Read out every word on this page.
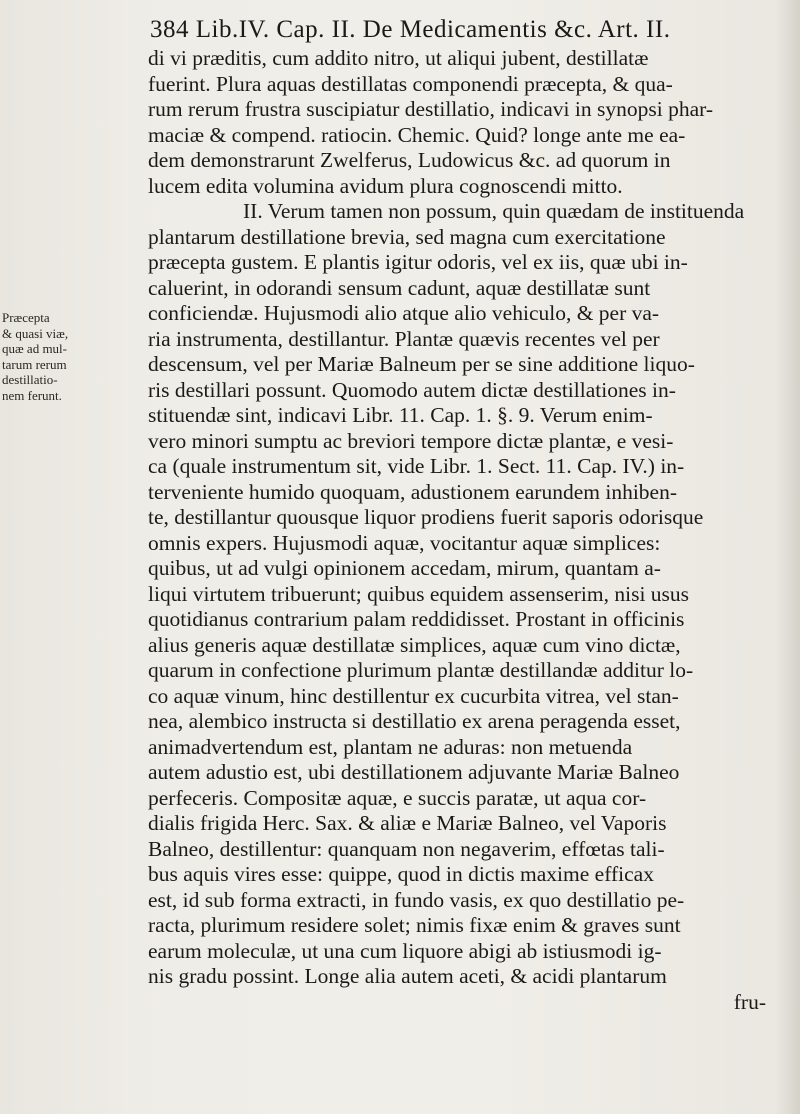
384 Lib.IV. Cap. II. De Medicamentis &c. Art. II.
Præcepta
& quasi viæ,
quæ ad mul-
tarum rerum
destillatio-
nem ferunt.
di vi præditis, cum addito nitro, ut aliqui jubent, destillatæ
fuerint. Plura aquas destillatas componendi præcepta, & qua-
rum rerum frustra suscipiatur destillatio, indicavi in synopsi phar-
maciæ & compend. ratiocin. Chemic. Quid? longe ante me ea-
dem demonstrarunt Zwelferus, Ludowicus &c. ad quorum in
lucem edita volumina avidum plura cognoscendi mitto.
II. Verum tamen non possum, quin quædam de instituenda
plantarum destillatione brevia, sed magna cum exercitatione
præcepta gustem. E plantis igitur odoris, vel ex iis, quæ ubi in-
caluerint, in odorandi sensum cadunt, aquæ destillatæ sunt
conficiendæ. Hujusmodi alio atque alio vehiculo, & per va-
ria instrumenta, destillantur. Plantæ quævis recentes vel per
descensum, vel per Mariæ Balneum per se sine additione liquo-
ris destillari possunt. Quomodo autem dictæ destillationes in-
stituendæ sint, indicavi Libr. 11. Cap. 1. §. 9. Verum enim-
vero minori sumptu ac breviori tempore dictæ plantæ, e vesi-
ca (quale instrumentum sit, vide Libr. 1. Sect. 11. Cap. IV.) in-
terveniente humido quoquam, adustionem earundem inhiben-
te, destillantur quousque liquor prodiens fuerit saporis odorisque
omnis expers. Hujusmodi aquæ, vocitantur aquæ simplices:
quibus, ut ad vulgi opinionem accedam, mirum, quantam a-
liqui virtutem tribuerunt; quibus equidem assenserim, nisi usus
quotidianus contrarium palam reddidisset. Prostant in officinis
alius generis aquæ destillatæ simplices, aquæ cum vino dictæ,
quarum in confectione plurimum plantæ destillandæ additur lo-
co aquæ vinum, hinc destillentur ex cucurbita vitrea, vel stan-
nea, alembico instructa si destillatio ex arena peragenda esset,
animadvertendum est, plantam ne aduras: non metuenda
autem adustio est, ubi destillationem adjuvante Mariæ Balneo
perfeceris. Compositæ aquæ, e succis paratæ, ut aqua cor-
dialis frigida Herc. Sax. & aliæ e Mariæ Balneo, vel Vaporis
Balneo, destillentur: quanquam non negaverim, effœtas tali-
bus aquis vires esse: quippe, quod in dictis maxime efficax
est, id sub forma extracti, in fundo vasis, ex quo destillatio pe-
racta, plurimum residere solet; nimis fixæ enim & graves sunt
earum moleculæ, ut una cum liquore abigi ab istiusmodi ig-
nis gradu possint. Longe alia autem aceti, & acidi plantarum
fru-
